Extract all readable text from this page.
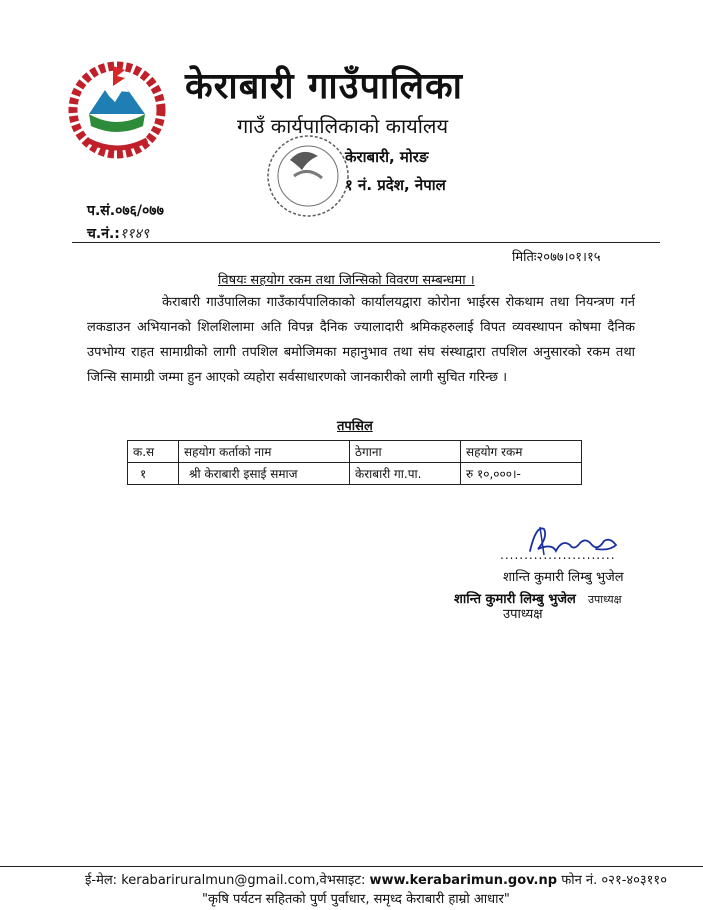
केराबारी गाउँपालिका
गाउँ कार्यपालिकाको कार्यालय
केराबारी, मोरङ
१ नं. प्रदेश, नेपाल
प.सं.०७६/०७७
च.नं.:११४९
मितिः२०७७।०१।१५
विषयः सहयोग रकम तथा जिन्सिको विवरण सम्बन्धमा ।

केराबारी गाउँपालिका गाउँकार्यपालिकाको कार्यालयद्वारा कोरोना भाईरस रोकथाम तथा नियन्त्रण गर्न लकडाउन अभियानको शिलशिलामा अति विपन्न दैनिक ज्यालादारी श्रमिकहरुलाई विपत व्यवस्थापन कोषमा दैनिक उपभोग्य राहत सामाग्रीको लागी तपशिल बमोजिमका महानुभाव तथा संघ संस्थाद्वारा तपशिल अनुसारको रकम तथा जिन्सि सामाग्री जम्मा हुन आएको व्यहोरा सर्वसाधारणको जानकारीको लागी सुचित गरिन्छ ।

तपसिल
क.स	सहयोग कर्ताको नाम	ठेगाना	सहयोग रकम
१	श्री केराबारी इसाई समाज	केराबारी गा.पा.	रु १०,०००।-
........................
शान्ति कुमारी लिम्बु भुजेल
शान्ति कुमारी लिम्बु भुजेल उपाध्यक्ष
उपाध्यक्ष
ई-मेल: kerabariruralmun@gmail.com,वेभसाइट: www.kerabarimun.gov.np फोन नं. ०२१-४०३११०
"कृषि पर्यटन सहितको पुर्ण पुर्वाधार, समृध्द केराबारी हाम्रो आधार"
